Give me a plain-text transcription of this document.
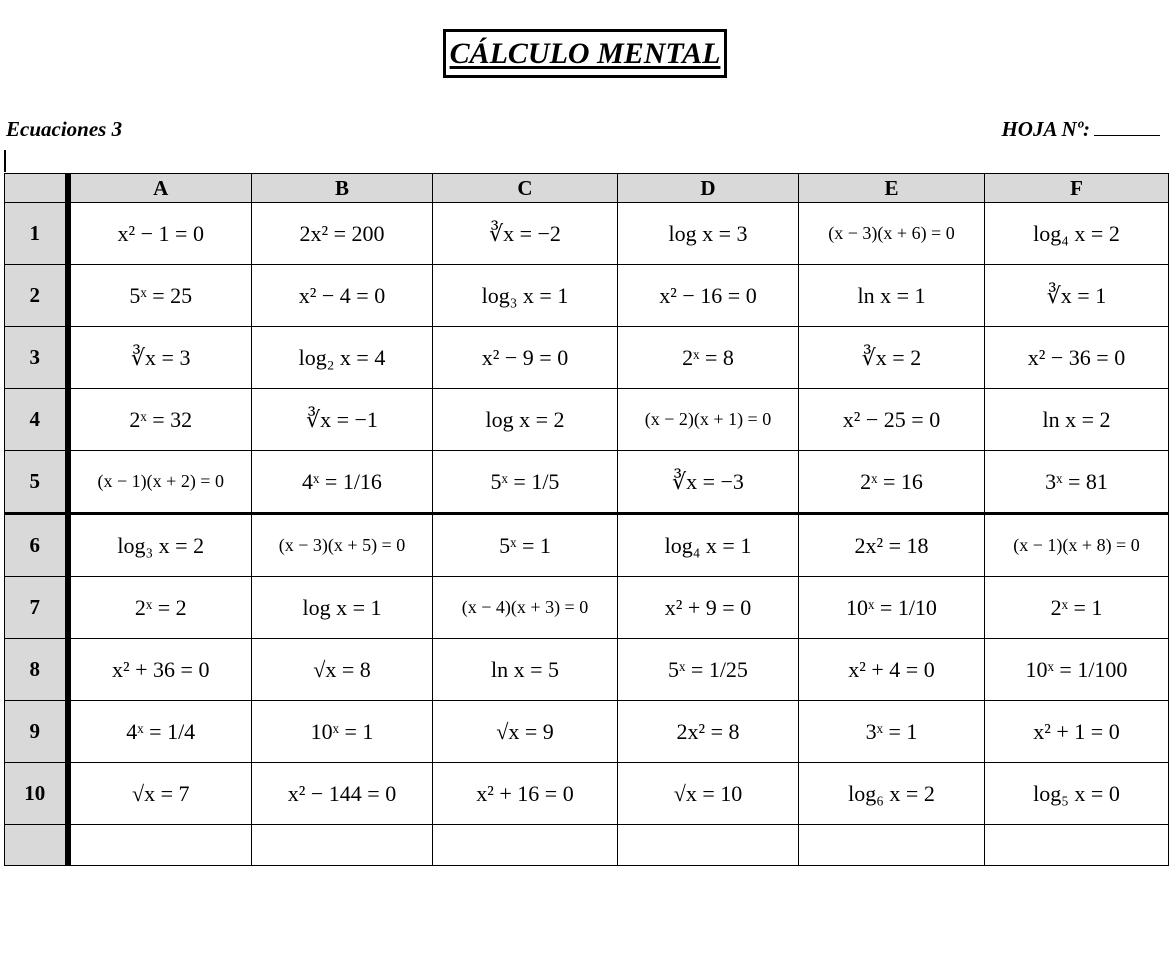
CÁLCULO MENTAL
Ecuaciones 3	HOJA Nº:
	A	B	C	D	E	F
1	x² − 1 = 0	2x² = 200	∛x = −2	log x = 3	(x − 3)(x + 6) = 0	log₄ x = 2
2	5ˣ = 25	x² − 4 = 0	log₃ x = 1	x² − 16 = 0	ln x = 1	∛x = 1
3	∛x = 3	log₂ x = 4	x² − 9 = 0	2ˣ = 8	∛x = 2	x² − 36 = 0
4	2ˣ = 32	∛x = −1	log x = 2	(x − 2)(x + 1) = 0	x² − 25 = 0	ln x = 2
5	(x − 1)(x + 2) = 0	4ˣ = 1/16	5ˣ = 1/5	∛x = −3	2ˣ = 16	3ˣ = 81
6	log₃ x = 2	(x − 3)(x + 5) = 0	5ˣ = 1	log₄ x = 1	2x² = 18	(x − 1)(x + 8) = 0
7	2ˣ = 2	log x = 1	(x − 4)(x + 3) = 0	x² + 9 = 0	10ˣ = 1/10	2ˣ = 1
8	x² + 36 = 0	√x = 8	ln x = 5	5ˣ = 1/25	x² + 4 = 0	10ˣ = 1/100
9	4ˣ = 1/4	10ˣ = 1	√x = 9	2x² = 8	3ˣ = 1	x² + 1 = 0
10	√x = 7	x² − 144 = 0	x² + 16 = 0	√x = 10	log₆ x = 2	log₅ x = 0
